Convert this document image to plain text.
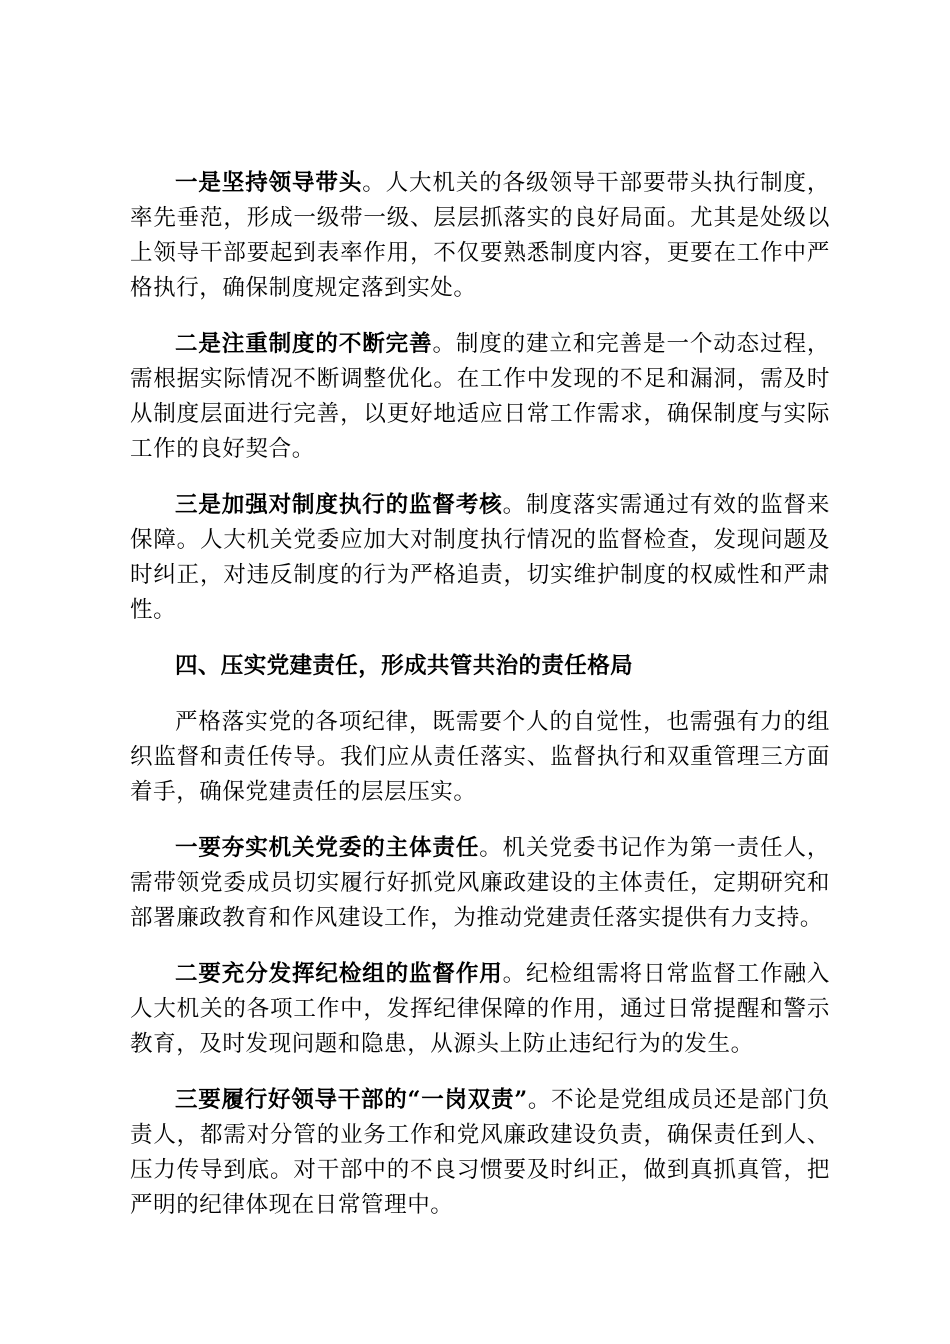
一是坚持领导带头。人大机关的各级领导干部要带头执行制度，率先垂范，形成一级带一级、层层抓落实的良好局面。尤其是处级以上领导干部要起到表率作用，不仅要熟悉制度内容，更要在工作中严格执行，确保制度规定落到实处。

二是注重制度的不断完善。制度的建立和完善是一个动态过程，需根据实际情况不断调整优化。在工作中发现的不足和漏洞，需及时从制度层面进行完善，以更好地适应日常工作需求，确保制度与实际工作的良好契合。

三是加强对制度执行的监督考核。制度落实需通过有效的监督来保障。人大机关党委应加大对制度执行情况的监督检查，发现问题及时纠正，对违反制度的行为严格追责，切实维护制度的权威性和严肃性。

四、压实党建责任，形成共管共治的责任格局

严格落实党的各项纪律，既需要个人的自觉性，也需强有力的组织监督和责任传导。我们应从责任落实、监督执行和双重管理三方面着手，确保党建责任的层层压实。

一要夯实机关党委的主体责任。机关党委书记作为第一责任人，需带领党委成员切实履行好抓党风廉政建设的主体责任，定期研究和部署廉政教育和作风建设工作，为推动党建责任落实提供有力支持。

二要充分发挥纪检组的监督作用。纪检组需将日常监督工作融入人大机关的各项工作中，发挥纪律保障的作用，通过日常提醒和警示教育，及时发现问题和隐患，从源头上防止违纪行为的发生。

三要履行好领导干部的“一岗双责”。不论是党组成员还是部门负责人，都需对分管的业务工作和党风廉政建设负责，确保责任到人、压力传导到底。对干部中的不良习惯要及时纠正，做到真抓真管，把严明的纪律体现在日常管理中。
